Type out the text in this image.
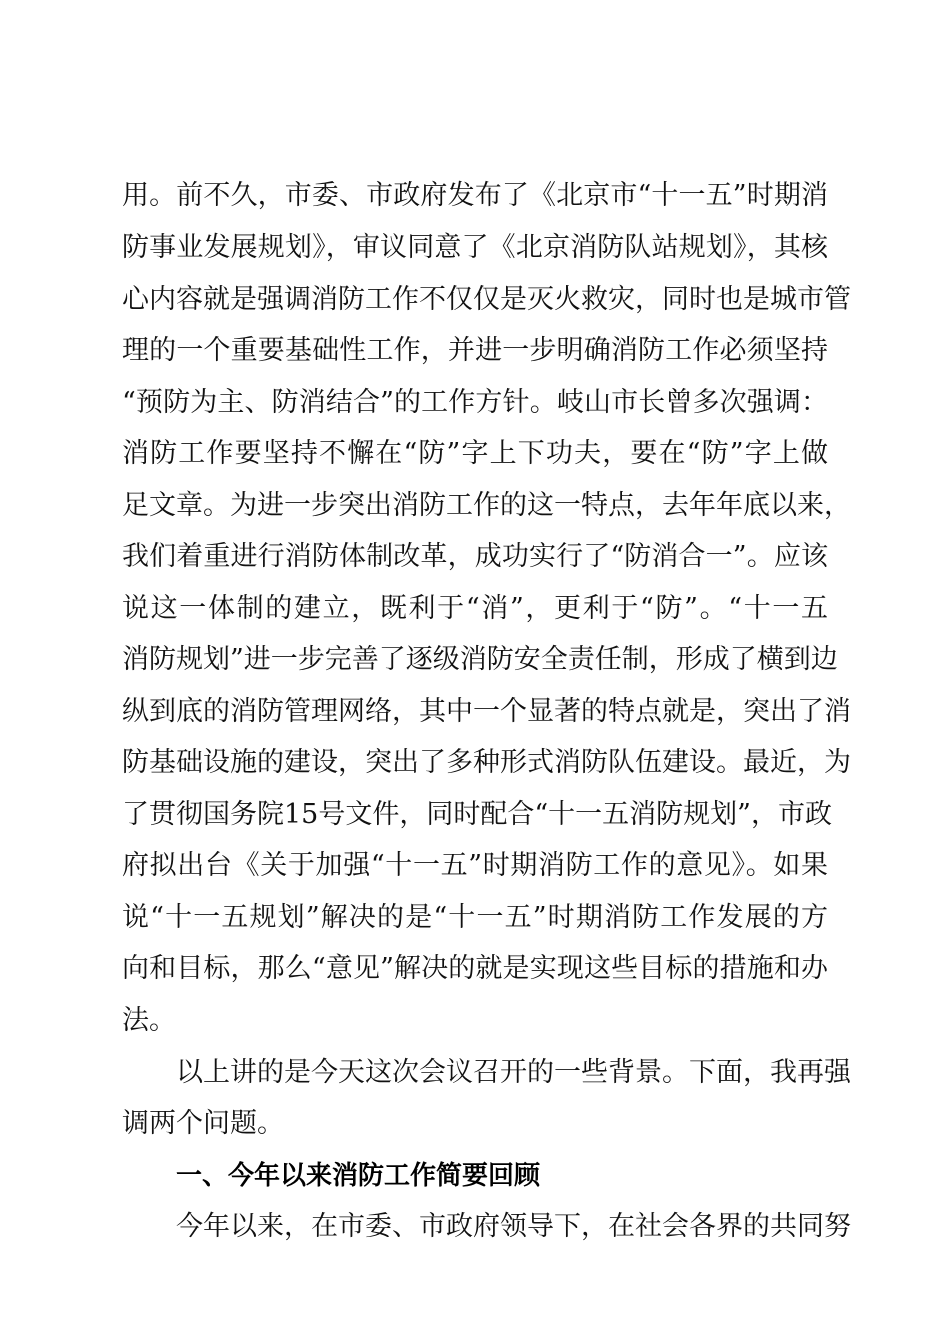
用。前不久，市委、市政府发布了《北京市“十一五”时期消
防事业发展规划》，审议同意了《北京消防队站规划》，其核
心内容就是强调消防工作不仅仅是灭火救灾，同时也是城市管
理的一个重要基础性工作，并进一步明确消防工作必须坚持
“预防为主、防消结合”的工作方针。岐山市长曾多次强调：
消防工作要坚持不懈在“防”字上下功夫，要在“防”字上做
足文章。为进一步突出消防工作的这一特点，去年年底以来，
我们着重进行消防体制改革，成功实行了“防消合一”。应该
说这一体制的建立，既利于“消”，更利于“防”。“十一五
消防规划”进一步完善了逐级消防安全责任制，形成了横到边
纵到底的消防管理网络，其中一个显著的特点就是，突出了消
防基础设施的建设，突出了多种形式消防队伍建设。最近，为
了贯彻国务院15号文件，同时配合“十一五消防规划”，市政
府拟出台《关于加强“十一五”时期消防工作的意见》。如果
说“十一五规划”解决的是“十一五”时期消防工作发展的方
向和目标，那么“意见”解决的就是实现这些目标的措施和办
法。
以上讲的是今天这次会议召开的一些背景。下面，我再强
调两个问题。
一、今年以来消防工作简要回顾
今年以来，在市委、市政府领导下，在社会各界的共同努
